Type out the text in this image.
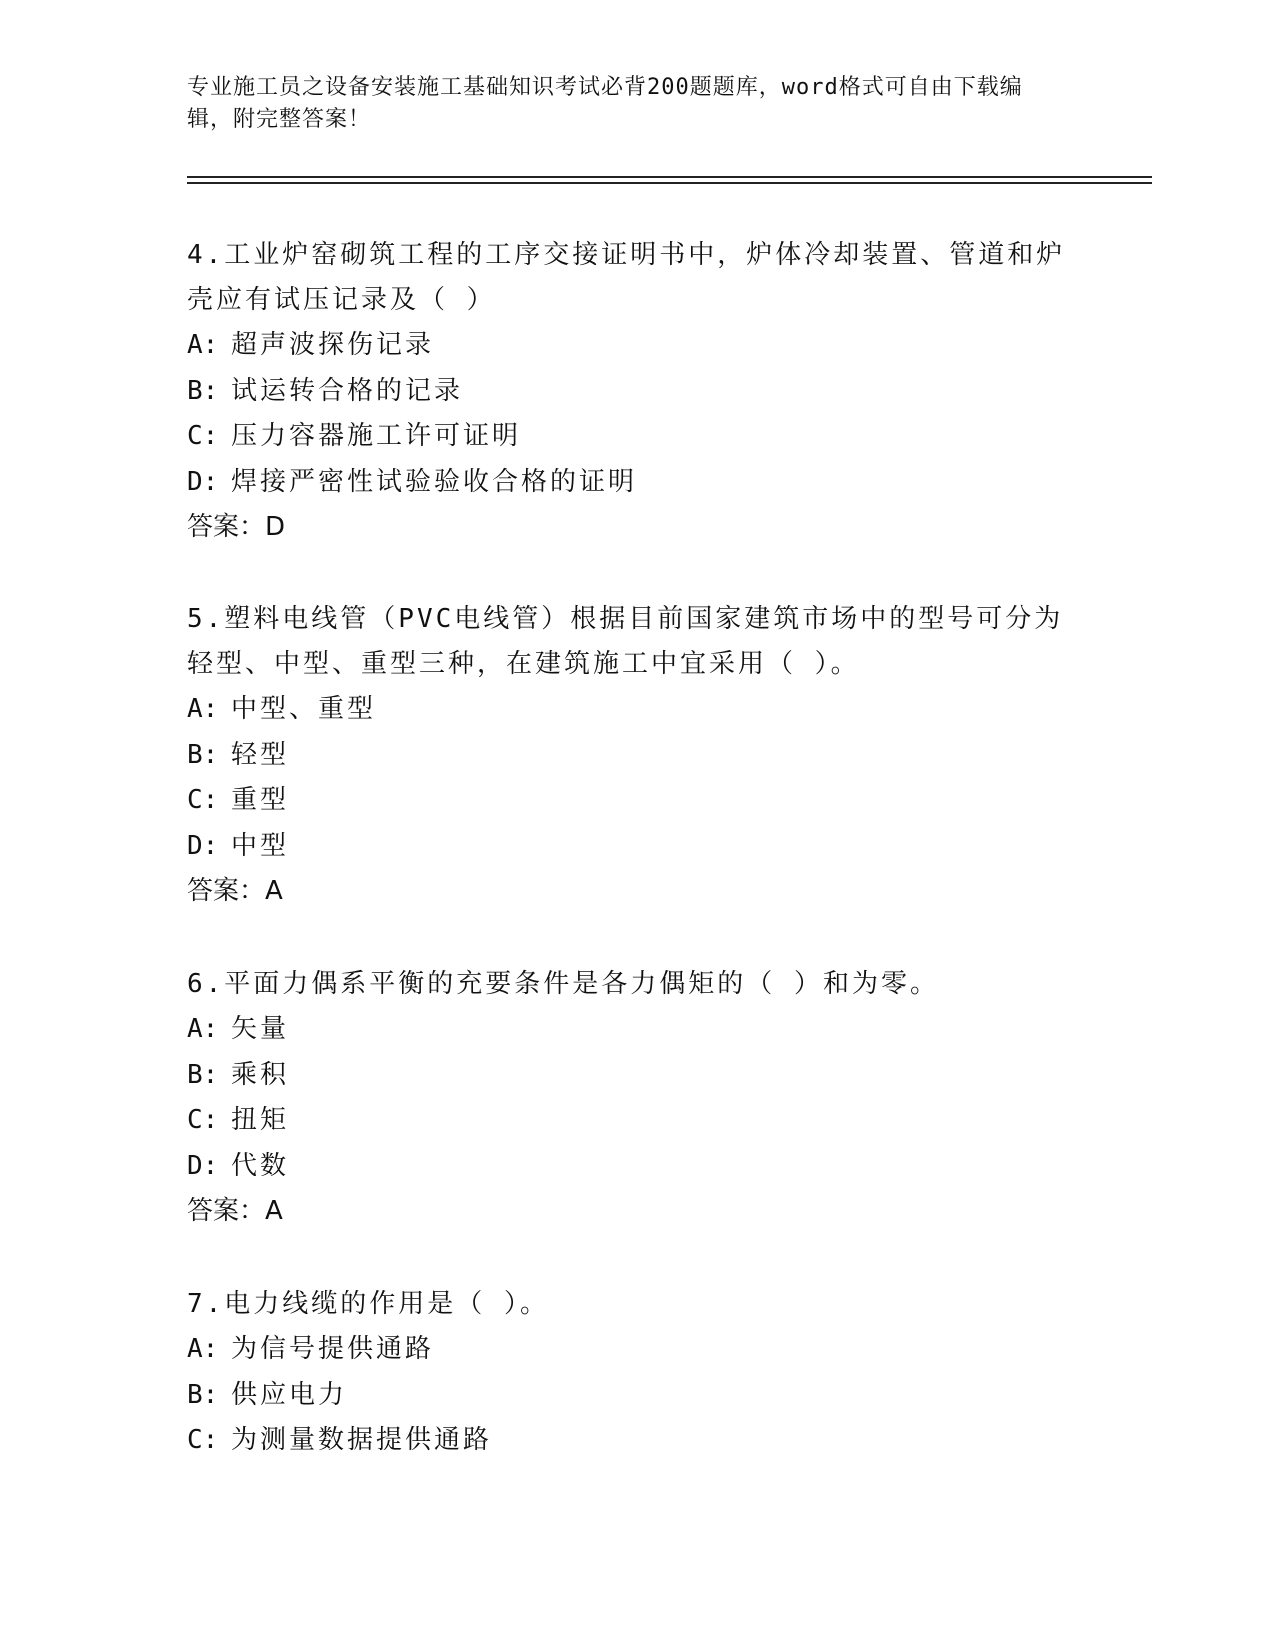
专业施工员之设备安装施工基础知识考试必背200题题库，word格式可自由下载编辑，附完整答案！

4.工业炉窑砌筑工程的工序交接证明书中，炉体冷却装置、管道和炉壳应有试压记录及（ ）

A: 超声波探伤记录

B: 试运转合格的记录

C: 压力容器施工许可证明

D: 焊接严密性试验验收合格的证明

答案：D

5.塑料电线管（PVC电线管）根据目前国家建筑市场中的型号可分为轻型、中型、重型三种，在建筑施工中宜采用（ ）。

A: 中型、重型

B: 轻型

C: 重型

D: 中型

答案：A

6.平面力偶系平衡的充要条件是各力偶矩的（ ）和为零。

A: 矢量

B: 乘积

C: 扭矩

D: 代数

答案：A

7.电力线缆的作用是（ ）。

A: 为信号提供通路

B: 供应电力

C: 为测量数据提供通路
